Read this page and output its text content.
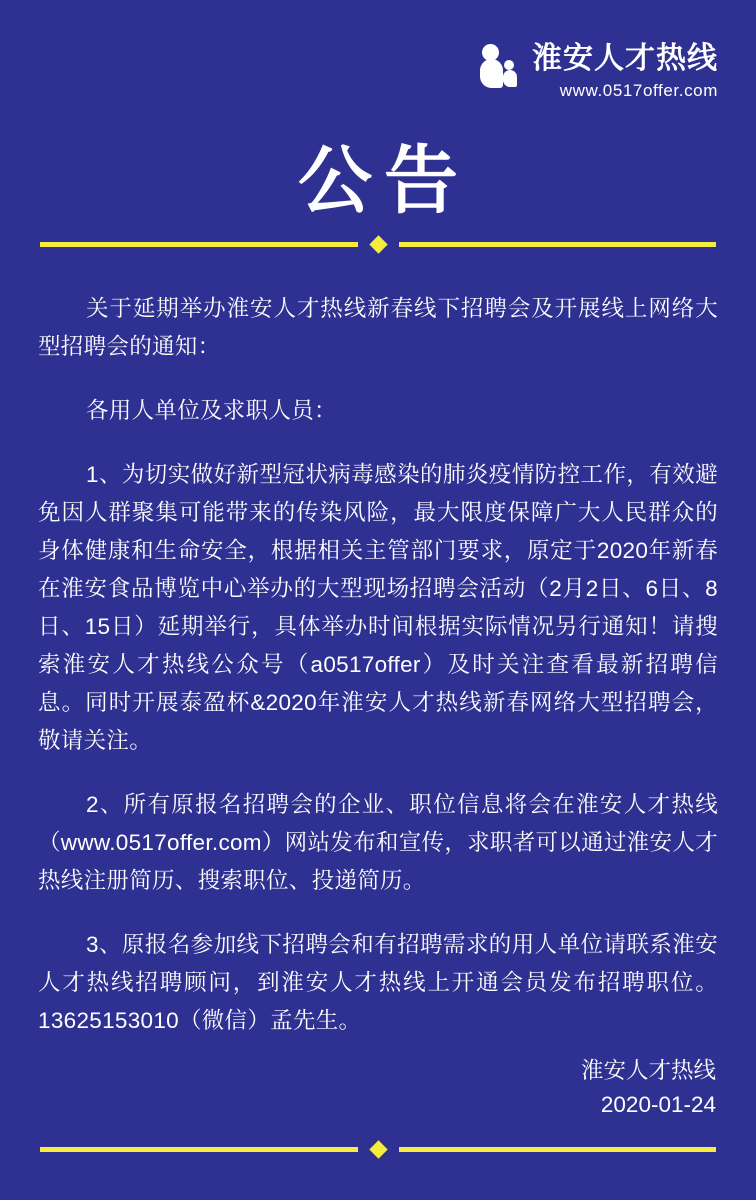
淮安人才热线
www.0517offer.com
公告

关于延期举办淮安人才热线新春线下招聘会及开展线上网络大型招聘会的通知：

各用人单位及求职人员：

1、为切实做好新型冠状病毒感染的肺炎疫情防控工作，有效避免因人群聚集可能带来的传染风险，最大限度保障广大人民群众的身体健康和生命安全，根据相关主管部门要求，原定于2020年新春在淮安食品博览中心举办的大型现场招聘会活动（2月2日、6日、8日、15日）延期举行，具体举办时间根据实际情况另行通知！请搜索淮安人才热线公众号（a0517offer）及时关注查看最新招聘信息。同时开展泰盈杯&2020年淮安人才热线新春网络大型招聘会，敬请关注。

2、所有原报名招聘会的企业、职位信息将会在淮安人才热线（www.0517offer.com）网站发布和宣传，求职者可以通过淮安人才热线注册简历、搜索职位、投递简历。

3、原报名参加线下招聘会和有招聘需求的用人单位请联系淮安人才热线招聘顾问，到淮安人才热线上开通会员发布招聘职位。13625153010（微信）孟先生。

淮安人才热线
2020-01-24
